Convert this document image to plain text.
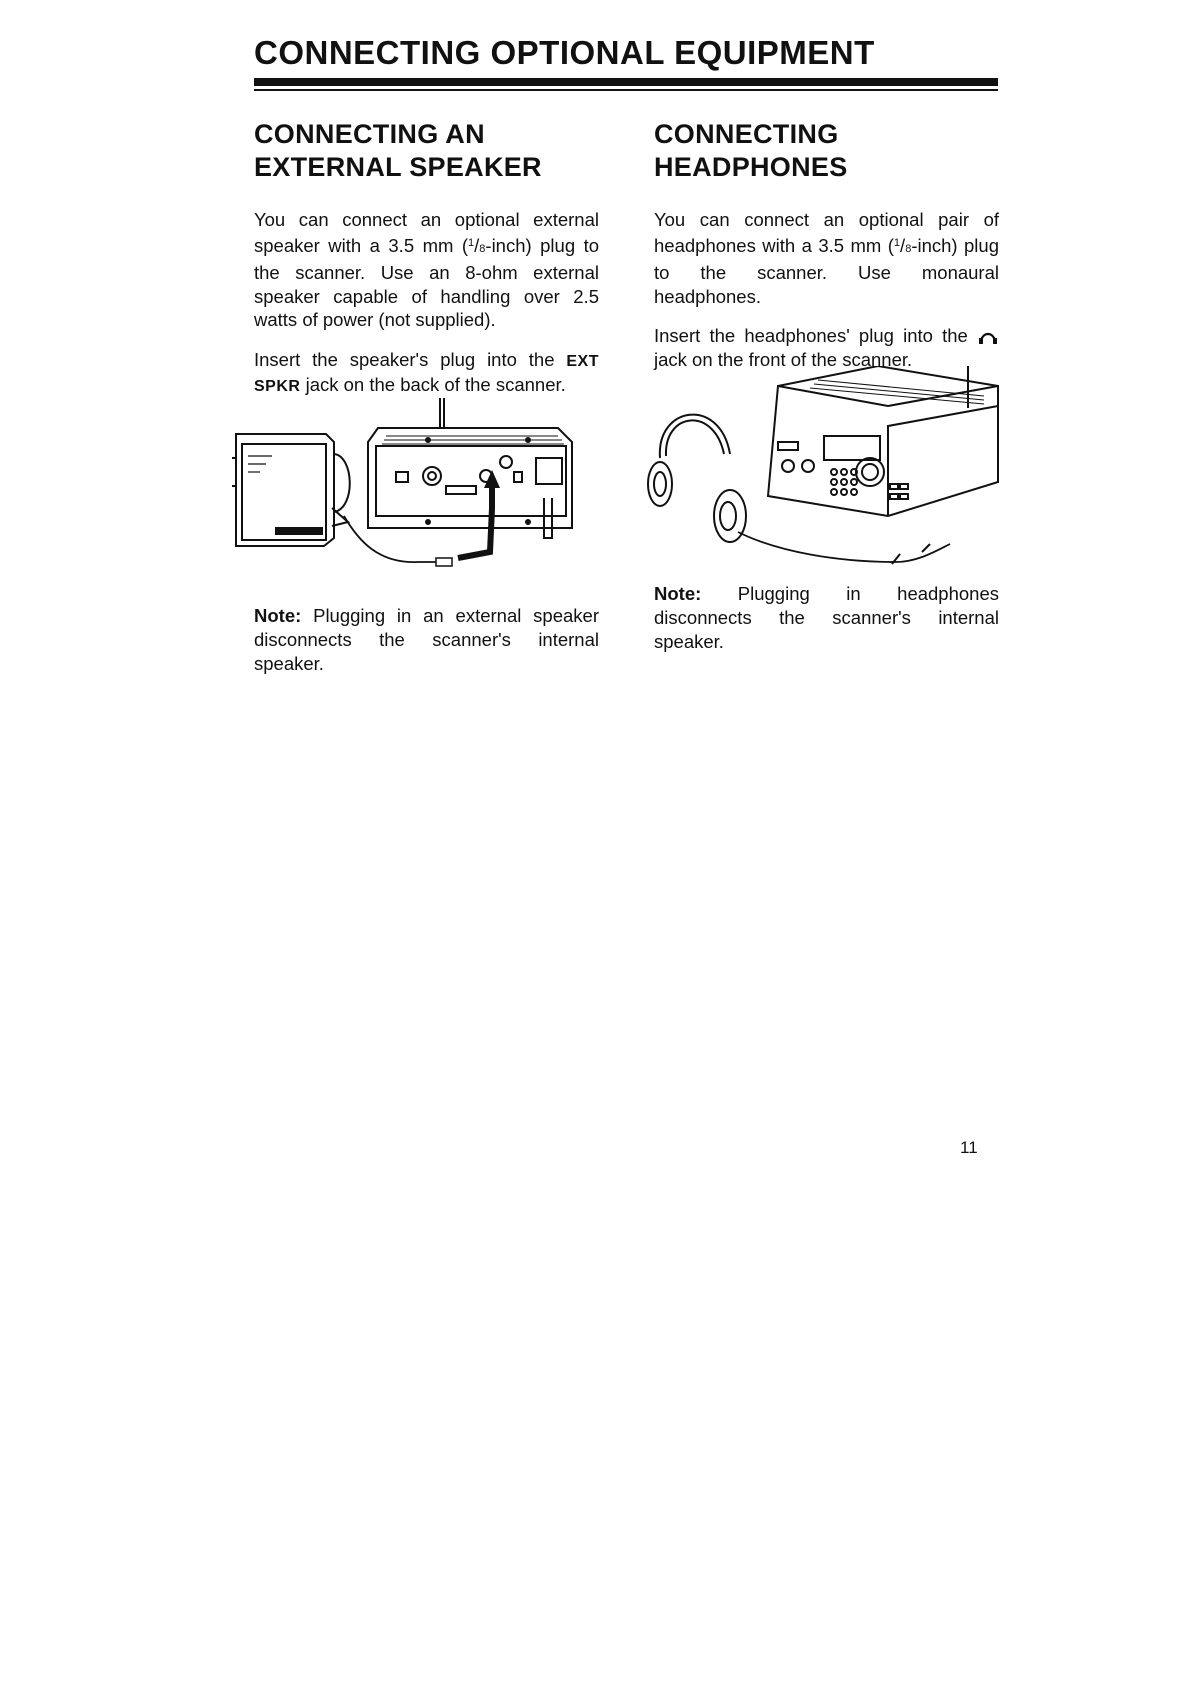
CONNECTING OPTIONAL EQUIPMENT
CONNECTING AN
EXTERNAL SPEAKER

You can connect an optional external speaker with a 3.5 mm ($^1$/8-inch) plug to the scanner. Use an 8-ohm external speaker capable of handling over 2.5 watts of power (not supplied).

Insert the speaker's plug into the EXT SPKR jack on the back of the scanner.

Note: Plugging in an external speaker disconnects the scanner's internal speaker.

CONNECTING
HEADPHONES

You can connect an optional pair of headphones with a 3.5 mm ($^1$/8-inch) plug to the scanner. Use monaural headphones.

Insert the headphones' plug into the  jack on the front of the scanner.

Note: Plugging in headphones disconnects the scanner's internal speaker.

11
